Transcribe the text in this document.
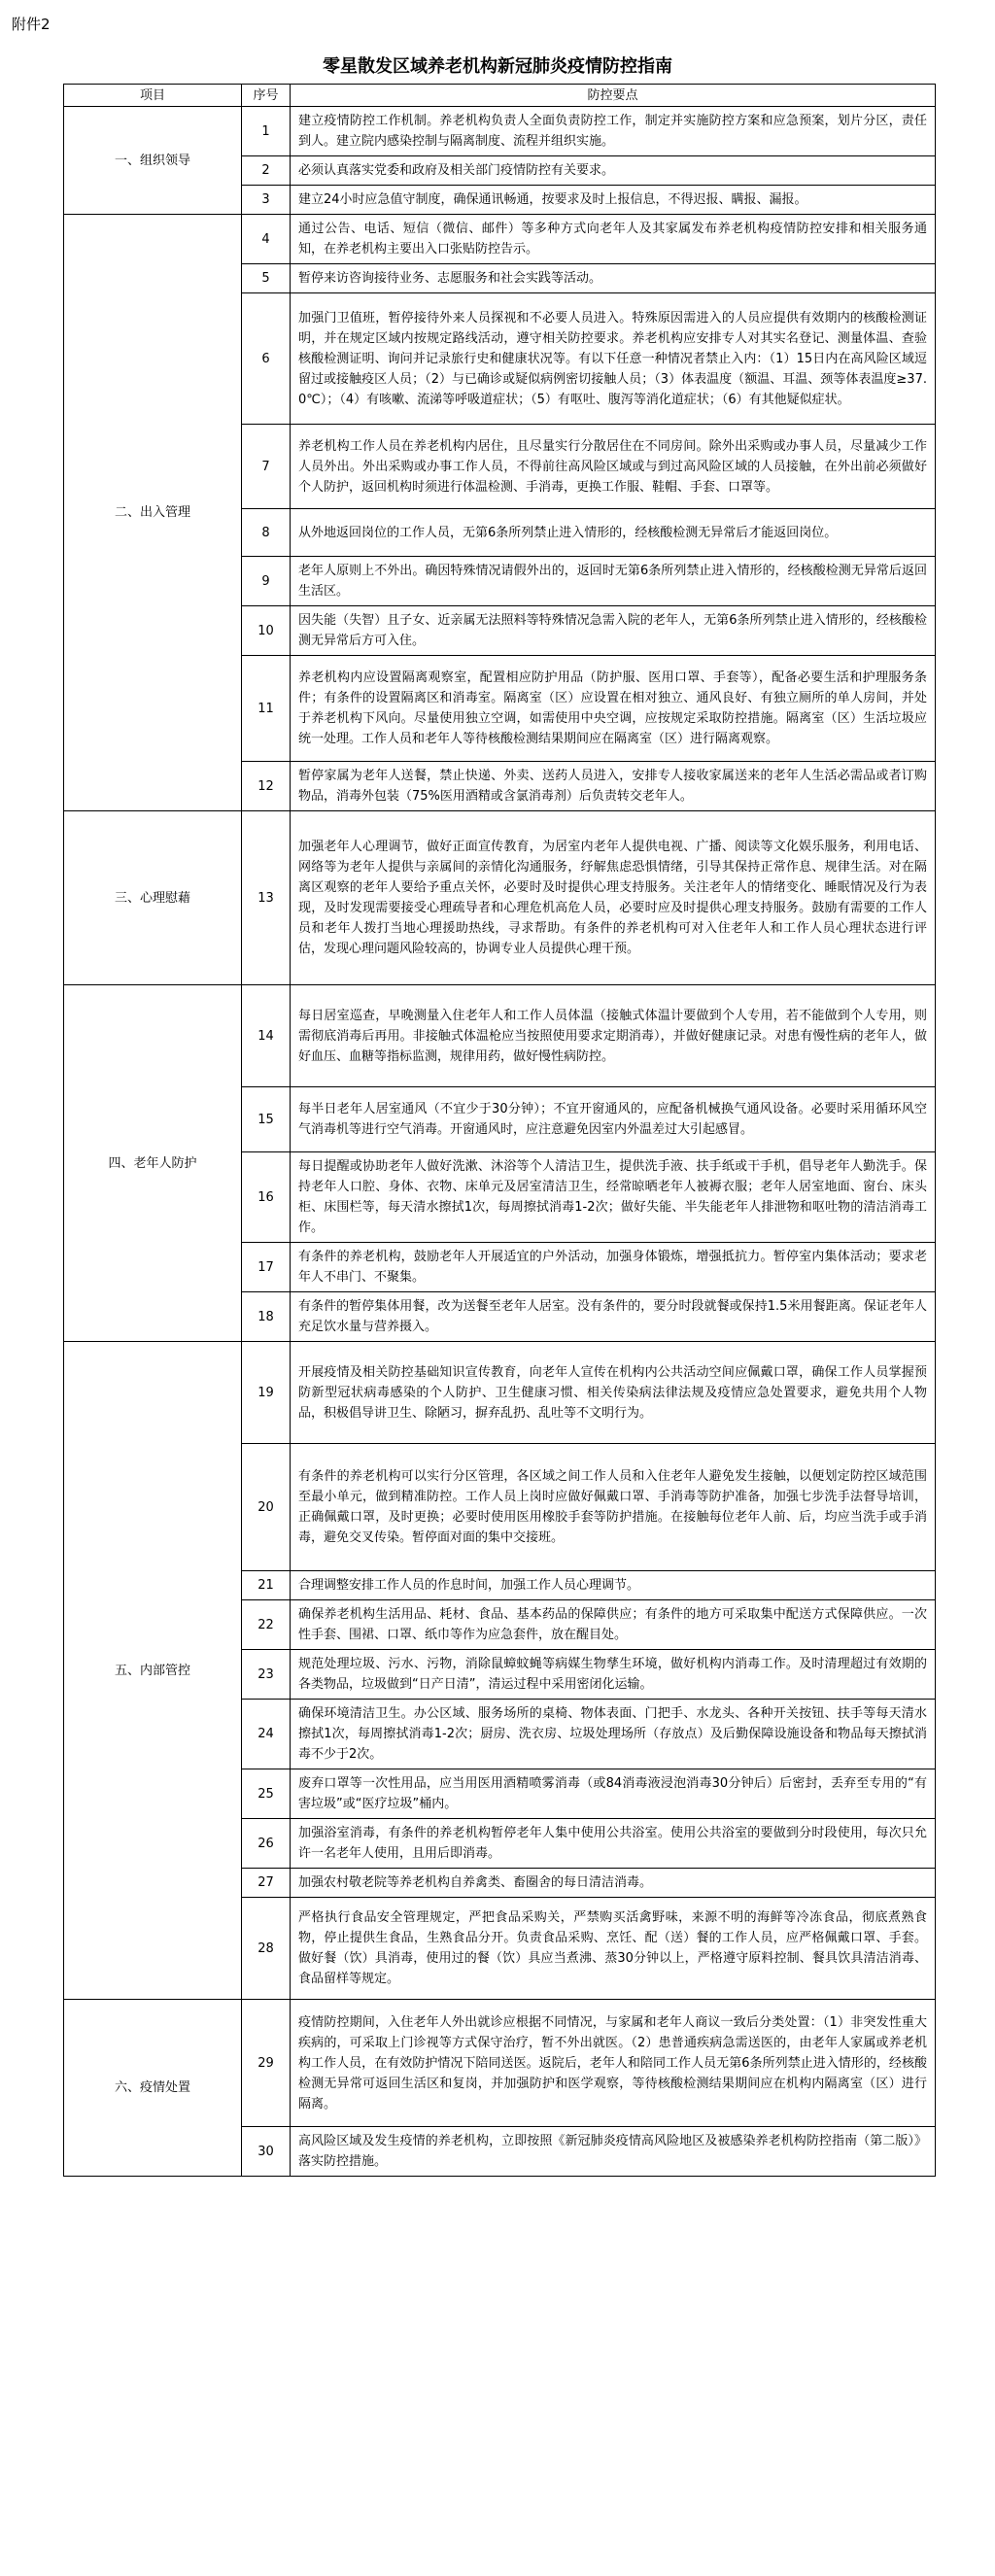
附件2
零星散发区域养老机构新冠肺炎疫情防控指南
项目	序号	防控要点
一、组织领导	1	建立疫情防控工作机制。养老机构负责人全面负责防控工作，制定并实施防控方案和应急预案，划片分区，责任到人。建立院内感染控制与隔离制度、流程并组织实施。
	2	必须认真落实党委和政府及相关部门疫情防控有关要求。
	3	建立24小时应急值守制度，确保通讯畅通，按要求及时上报信息，不得迟报、瞒报、漏报。
二、出入管理	4	通过公告、电话、短信（微信、邮件）等多种方式向老年人及其家属发布养老机构疫情防控安排和相关服务通知，在养老机构主要出入口张贴防控告示。
	5	暂停来访咨询接待业务、志愿服务和社会实践等活动。
	6	加强门卫值班，暂停接待外来人员探视和不必要人员进入。特殊原因需进入的人员应提供有效期内的核酸检测证明，并在规定区域内按规定路线活动，遵守相关防控要求。养老机构应安排专人对其实名登记、测量体温、查验核酸检测证明、询问并记录旅行史和健康状况等。有以下任意一种情况者禁止入内：（1）15日内在高风险区域逗留过或接触疫区人员；（2）与已确诊或疑似病例密切接触人员；（3）体表温度（额温、耳温、颈等体表温度≥37.0℃）；（4）有咳嗽、流涕等呼吸道症状；（5）有呕吐、腹泻等消化道症状；（6）有其他疑似症状。
	7	养老机构工作人员在养老机构内居住，且尽量实行分散居住在不同房间。除外出采购或办事人员，尽量减少工作人员外出。外出采购或办事工作人员，不得前往高风险区域或与到过高风险区域的人员接触，在外出前必须做好个人防护，返回机构时须进行体温检测、手消毒，更换工作服、鞋帽、手套、口罩等。
	8	从外地返回岗位的工作人员，无第6条所列禁止进入情形的，经核酸检测无异常后才能返回岗位。
	9	老年人原则上不外出。确因特殊情况请假外出的，返回时无第6条所列禁止进入情形的，经核酸检测无异常后返回生活区。
	10	因失能（失智）且子女、近亲属无法照料等特殊情况急需入院的老年人，无第6条所列禁止进入情形的，经核酸检测无异常后方可入住。
	11	养老机构内应设置隔离观察室，配置相应防护用品（防护服、医用口罩、手套等），配备必要生活和护理服务条件；有条件的设置隔离区和消毒室。隔离室（区）应设置在相对独立、通风良好、有独立厕所的单人房间，并处于养老机构下风向。尽量使用独立空调，如需使用中央空调，应按规定采取防控措施。隔离室（区）生活垃圾应统一处理。工作人员和老年人等待核酸检测结果期间应在隔离室（区）进行隔离观察。
	12	暂停家属为老年人送餐，禁止快递、外卖、送药人员进入，安排专人接收家属送来的老年人生活必需品或者订购物品，消毒外包装（75%医用酒精或含氯消毒剂）后负责转交老年人。
三、心理慰藉	13	加强老年人心理调节，做好正面宣传教育，为居室内老年人提供电视、广播、阅读等文化娱乐服务，利用电话、网络等为老年人提供与亲属间的亲情化沟通服务，纾解焦虑恐惧情绪，引导其保持正常作息、规律生活。对在隔离区观察的老年人要给予重点关怀，必要时及时提供心理支持服务。关注老年人的情绪变化、睡眠情况及行为表现，及时发现需要接受心理疏导者和心理危机高危人员，必要时应及时提供心理支持服务。鼓励有需要的工作人员和老年人拨打当地心理援助热线，寻求帮助。有条件的养老机构可对入住老年人和工作人员心理状态进行评估，发现心理问题风险较高的，协调专业人员提供心理干预。
四、老年人防护	14	每日居室巡查，早晚测量入住老年人和工作人员体温（接触式体温计要做到个人专用，若不能做到个人专用，则需彻底消毒后再用。非接触式体温枪应当按照使用要求定期消毒），并做好健康记录。对患有慢性病的老年人，做好血压、血糖等指标监测，规律用药，做好慢性病防控。
	15	每半日老年人居室通风（不宜少于30分钟）；不宜开窗通风的，应配备机械换气通风设备。必要时采用循环风空气消毒机等进行空气消毒。开窗通风时，应注意避免因室内外温差过大引起感冒。
	16	每日提醒或协助老年人做好洗漱、沐浴等个人清洁卫生，提供洗手液、扶手纸或干手机，倡导老年人勤洗手。保持老年人口腔、身体、衣物、床单元及居室清洁卫生，经常晾晒老年人被褥衣服；老年人居室地面、窗台、床头柜、床围栏等，每天清水擦拭1次，每周擦拭消毒1-2次；做好失能、半失能老年人排泄物和呕吐物的清洁消毒工作。
	17	有条件的养老机构，鼓励老年人开展适宜的户外活动，加强身体锻炼，增强抵抗力。暂停室内集体活动；要求老年人不串门、不聚集。
	18	有条件的暂停集体用餐，改为送餐至老年人居室。没有条件的，要分时段就餐或保持1.5米用餐距离。保证老年人充足饮水量与营养摄入。
五、内部管控	19	开展疫情及相关防控基础知识宣传教育，向老年人宣传在机构内公共活动空间应佩戴口罩，确保工作人员掌握预防新型冠状病毒感染的个人防护、卫生健康习惯、相关传染病法律法规及疫情应急处置要求，避免共用个人物品，积极倡导讲卫生、除陋习，摒弃乱扔、乱吐等不文明行为。
	20	有条件的养老机构可以实行分区管理，各区域之间工作人员和入住老年人避免发生接触，以便划定防控区域范围至最小单元，做到精准防控。工作人员上岗时应做好佩戴口罩、手消毒等防护准备，加强七步洗手法督导培训，正确佩戴口罩，及时更换；必要时使用医用橡胶手套等防护措施。在接触每位老年人前、后，均应当洗手或手消毒，避免交叉传染。暂停面对面的集中交接班。
	21	合理调整安排工作人员的作息时间，加强工作人员心理调节。
	22	确保养老机构生活用品、耗材、食品、基本药品的保障供应；有条件的地方可采取集中配送方式保障供应。一次性手套、围裙、口罩、纸巾等作为应急套件，放在醒目处。
	23	规范处理垃圾、污水、污物，消除鼠蟑蚊蝇等病媒生物孳生环境，做好机构内消毒工作。及时清理超过有效期的各类物品，垃圾做到“日产日清”，清运过程中采用密闭化运输。
	24	确保环境清洁卫生。办公区域、服务场所的桌椅、物体表面、门把手、水龙头、各种开关按钮、扶手等每天清水擦拭1次，每周擦拭消毒1-2次；厨房、洗衣房、垃圾处理场所（存放点）及后勤保障设施设备和物品每天擦拭消毒不少于2次。
	25	废弃口罩等一次性用品，应当用医用酒精喷雾消毒（或84消毒液浸泡消毒30分钟后）后密封，丢弃至专用的“有害垃圾”或“医疗垃圾”桶内。
	26	加强浴室消毒，有条件的养老机构暂停老年人集中使用公共浴室。使用公共浴室的要做到分时段使用，每次只允许一名老年人使用，且用后即消毒。
	27	加强农村敬老院等养老机构自养禽类、畜圈舍的每日清洁消毒。
	28	严格执行食品安全管理规定，严把食品采购关，严禁购买活禽野味，来源不明的海鲜等冷冻食品，彻底煮熟食物，停止提供生食品，生熟食品分开。负责食品采购、烹饪、配（送）餐的工作人员，应严格佩戴口罩、手套。做好餐（饮）具消毒，使用过的餐（饮）具应当煮沸、蒸30分钟以上，严格遵守原料控制、餐具饮具清洁消毒、食品留样等规定。
六、疫情处置	29	疫情防控期间，入住老年人外出就诊应根据不同情况，与家属和老年人商议一致后分类处置：（1）非突发性重大疾病的，可采取上门诊视等方式保守治疗，暂不外出就医。（2）患普通疾病急需送医的，由老年人家属或养老机构工作人员，在有效防护情况下陪同送医。返院后，老年人和陪同工作人员无第6条所列禁止进入情形的，经核酸检测无异常可返回生活区和复岗，并加强防护和医学观察，等待核酸检测结果期间应在机构内隔离室（区）进行隔离。
	30	高风险区域及发生疫情的养老机构，立即按照《新冠肺炎疫情高风险地区及被感染养老机构防控指南（第二版）》落实防控措施。
